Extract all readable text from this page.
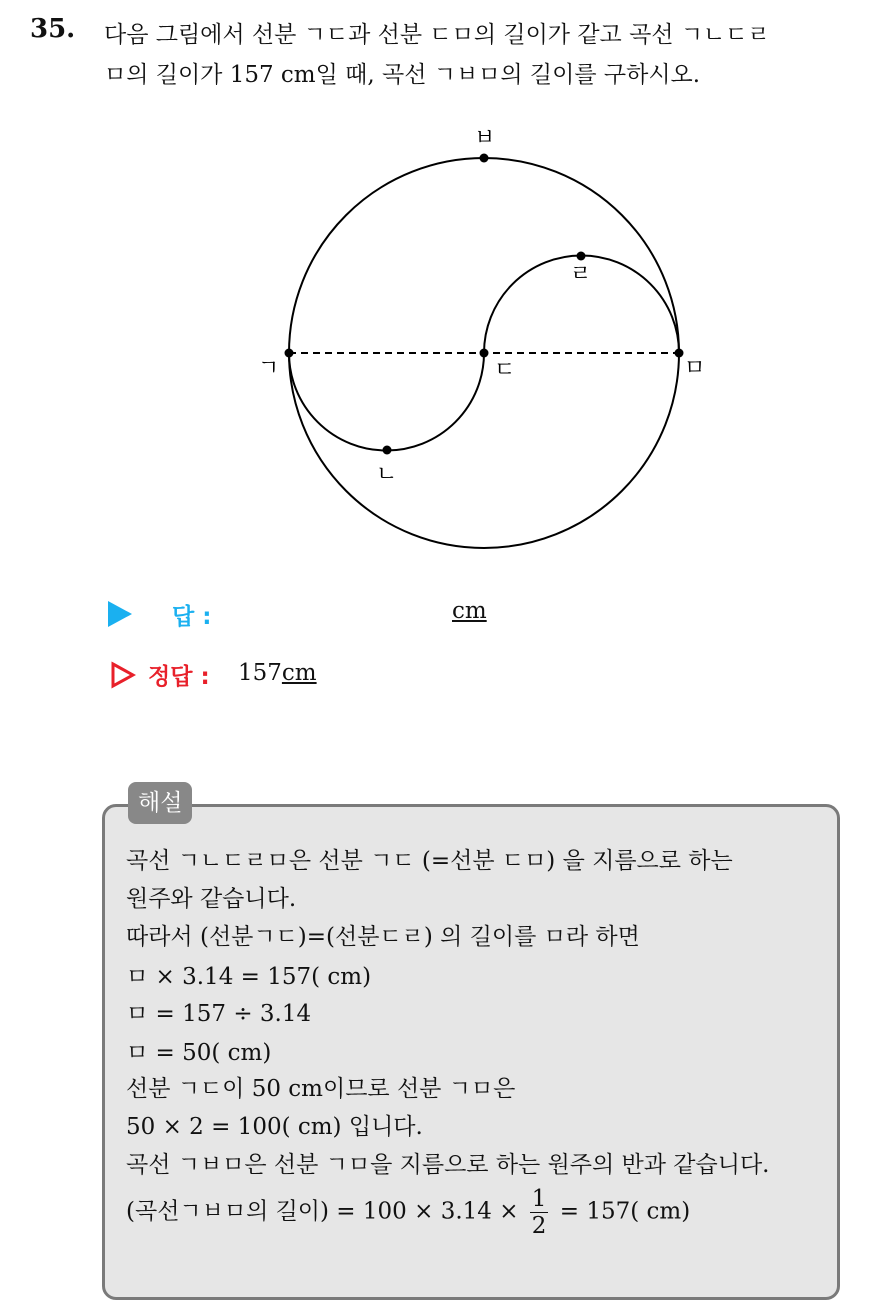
35. 다음 그림에서 선분 ㄱㄷ과 선분 ㄷㅁ의 길이가 같고 곡선 ㄱㄴㄷㄹ
ㅁ의 길이가 157 cm일 때, 곡선 ㄱㅂㅁ의 길이를 구하시오.
ㄱ	ㄷ	ㅁ
ㅂ
ㄹ
ㄴ
답 :	cm
정답 : 157cm
해설
곡선 ㄱㄴㄷㄹㅁ은 선분 ㄱㄷ (=선분 ㄷㅁ) 을 지름으로 하는
원주와 같습니다.
따라서 (선분ㄱㄷ)=(선분ㄷㄹ) 의 길이를 ㅁ라 하면
ㅁ × 3.14 = 157( cm)
ㅁ = 157 ÷ 3.14
ㅁ = 50( cm)
선분 ㄱㄷ이 50 cm이므로 선분 ㄱㅁ은
50 × 2 = 100( cm) 입니다.
곡선 ㄱㅂㅁ은 선분 ㄱㅁ을 지름으로 하는 원주의 반과 같습니다.
(곡선ㄱㅂㅁ의 길이) = $100 \times 3.14 \times \frac{1}{2} = 157$( cm)
